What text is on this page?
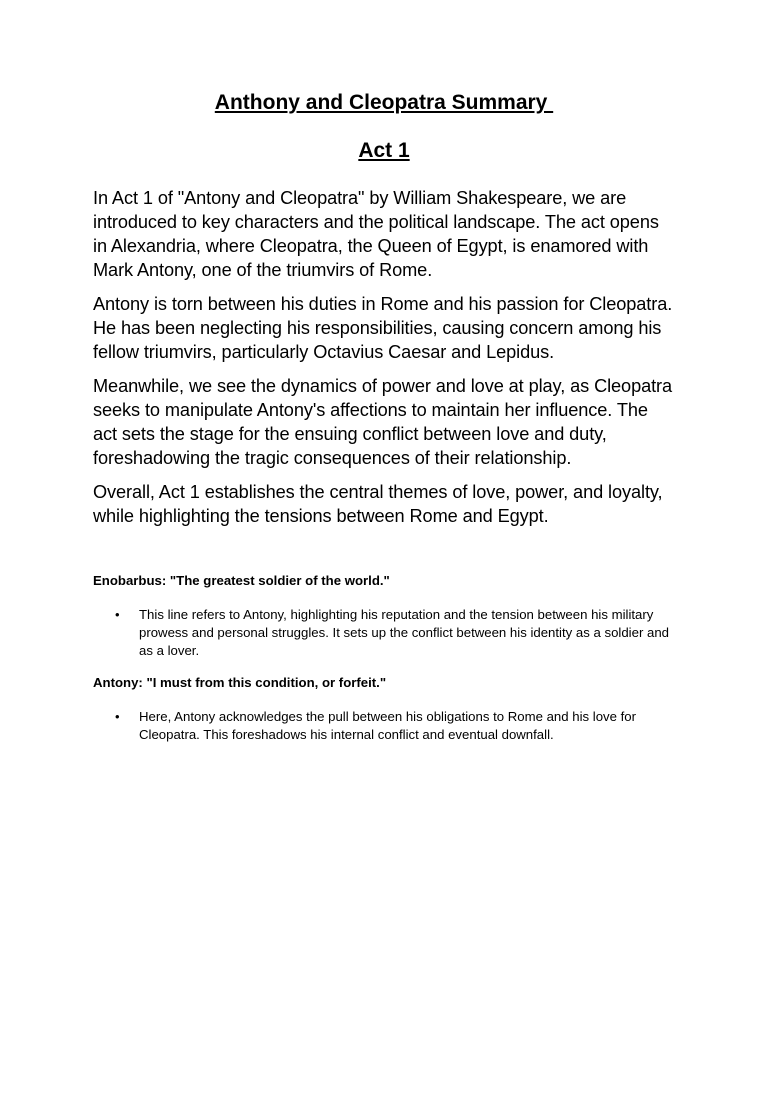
Anthony and Cleopatra Summary
Act 1

In Act 1 of "Antony and Cleopatra" by William Shakespeare, we are introduced to key characters and the political landscape. The act opens in Alexandria, where Cleopatra, the Queen of Egypt, is enamored with Mark Antony, one of the triumvirs of Rome.

Antony is torn between his duties in Rome and his passion for Cleopatra. He has been neglecting his responsibilities, causing concern among his fellow triumvirs, particularly Octavius Caesar and Lepidus.

Meanwhile, we see the dynamics of power and love at play, as Cleopatra seeks to manipulate Antony's affections to maintain her influence. The act sets the stage for the ensuing conflict between love and duty, foreshadowing the tragic consequences of their relationship.

Overall, Act 1 establishes the central themes of love, power, and loyalty, while highlighting the tensions between Rome and Egypt.

Enobarbus: "The greatest soldier of the world."

• This line refers to Antony, highlighting his reputation and the tension between his military prowess and personal struggles. It sets up the conflict between his identity as a soldier and as a lover.

Antony: "I must from this condition, or forfeit."

• Here, Antony acknowledges the pull between his obligations to Rome and his love for Cleopatra. This foreshadows his internal conflict and eventual downfall.
